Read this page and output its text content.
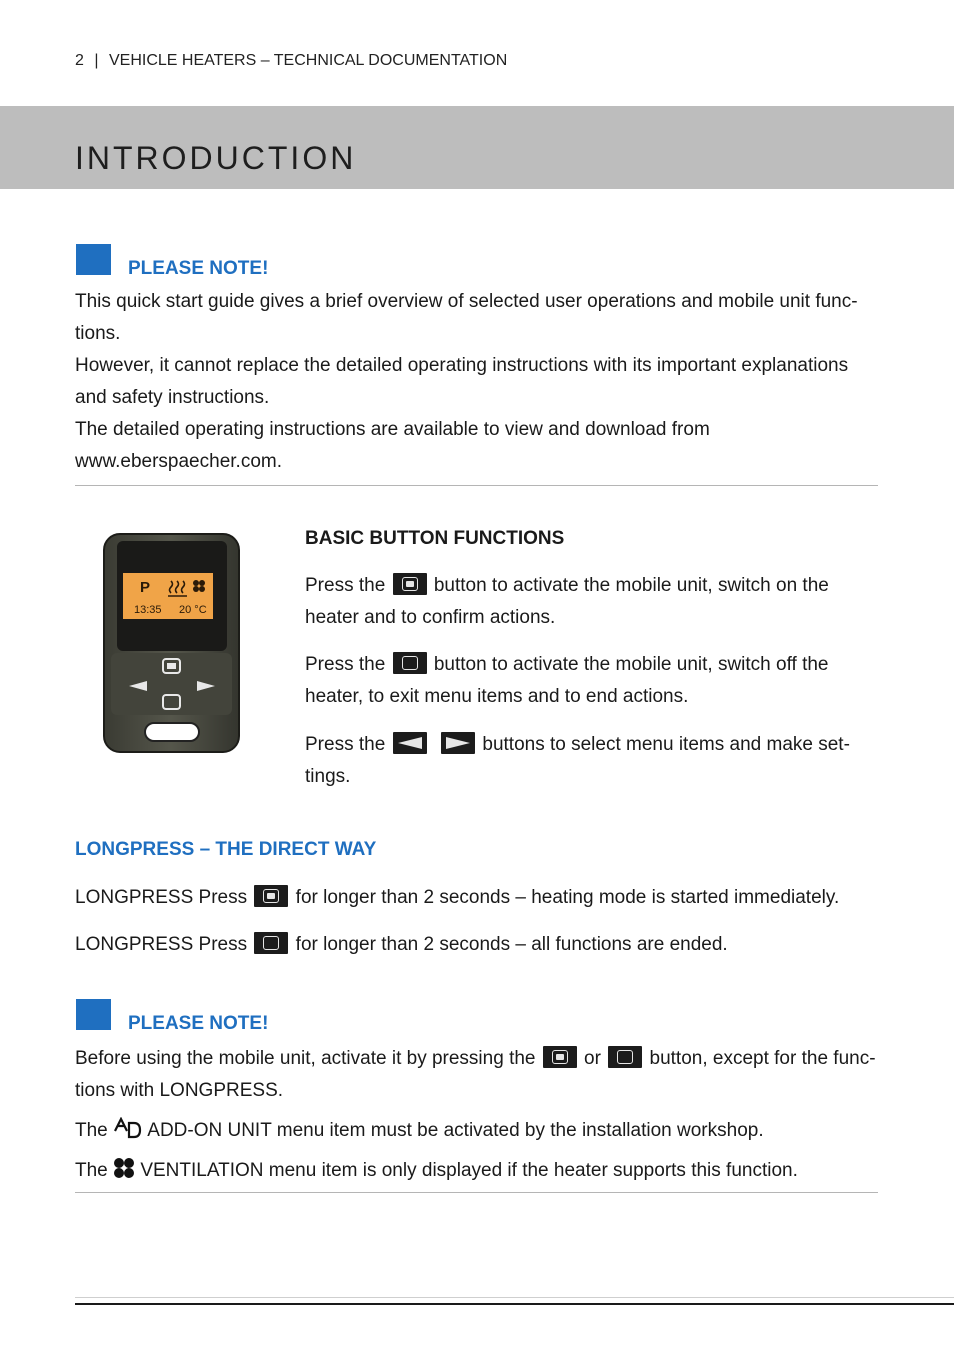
2 | VEHICLE HEATERS – TECHNICAL DOCUMENTATION
INTRODUCTION
PLEASE NOTE!
This quick start guide gives a brief overview of selected user operations and mobile unit func-
tions.
However, it cannot replace the detailed operating instructions with its important explanations
and safety instructions.
The detailed operating instructions are available to view and download from
www.eberspaecher.com.
P
13:35 20 °C
BASIC BUTTON FUNCTIONS
Press the	button to activate the mobile unit, switch on the
heater and to confirm actions.
Press the	button to activate the mobile unit, switch off the
heater, to exit menu items and to end actions.
Press the
	buttons to select menu items and make set-
tings.
LONGPRESS – THE DIRECT WAY
LONGPRESS Press	for longer than 2 seconds – heating mode is started immediately.
LONGPRESS Press	for longer than 2 seconds – all functions are ended.
PLEASE NOTE!
Before using the mobile unit, activate it by pressing the	or	button, except for the func-
tions with LONGPRESS.
The ADD-ON UNIT menu item must be activated by the installation workshop.
The VENTILATION menu item is only displayed if the heater supports this function.
